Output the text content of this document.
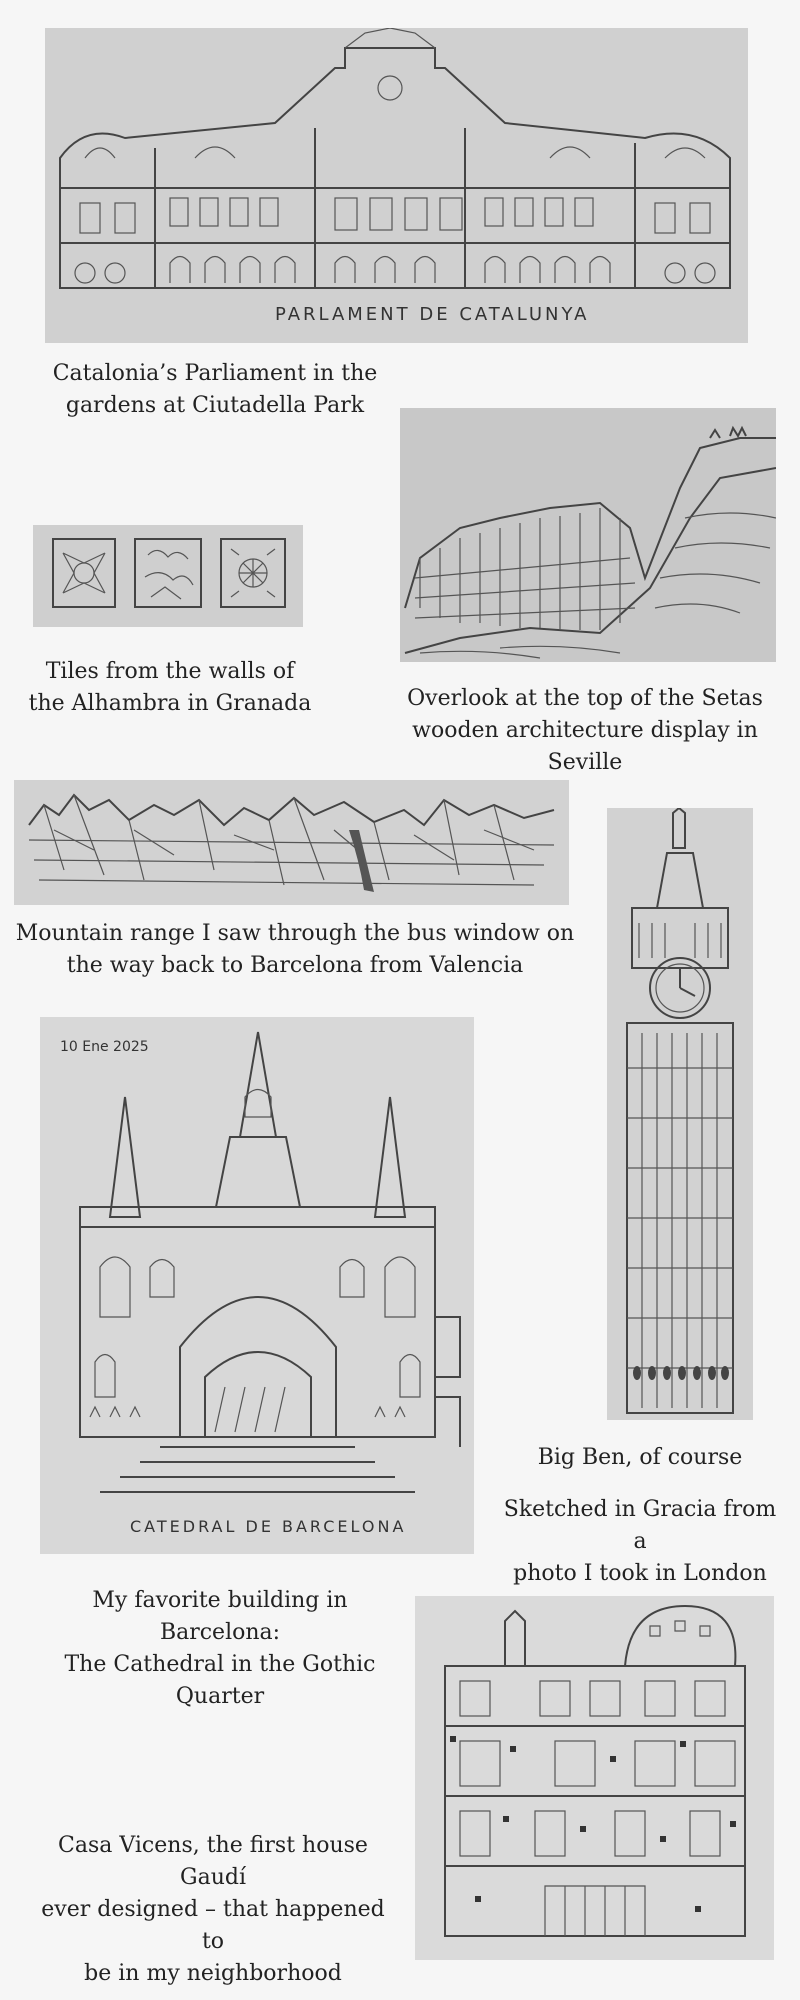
PARLAMENT DE CATALUNYA
Catalonia’s Parliament in the
gardens at Ciutadella Park
Tiles from the walls of
the Alhambra in Granada	Overlook at the top of the Setas
wooden architecture display in Seville
Mountain range I saw through the bus window on
the way back to Barcelona from Valencia
Big Ben, of course
Sketched in Gracia from a
photo I took in London
10 Ene 2025
CATEDRAL DE BARCELONA
My favorite building in Barcelona:
The Cathedral in the Gothic
Quarter
Casa Vicens, the first house Gaudí
ever designed – that happened to
be in my neighborhood
